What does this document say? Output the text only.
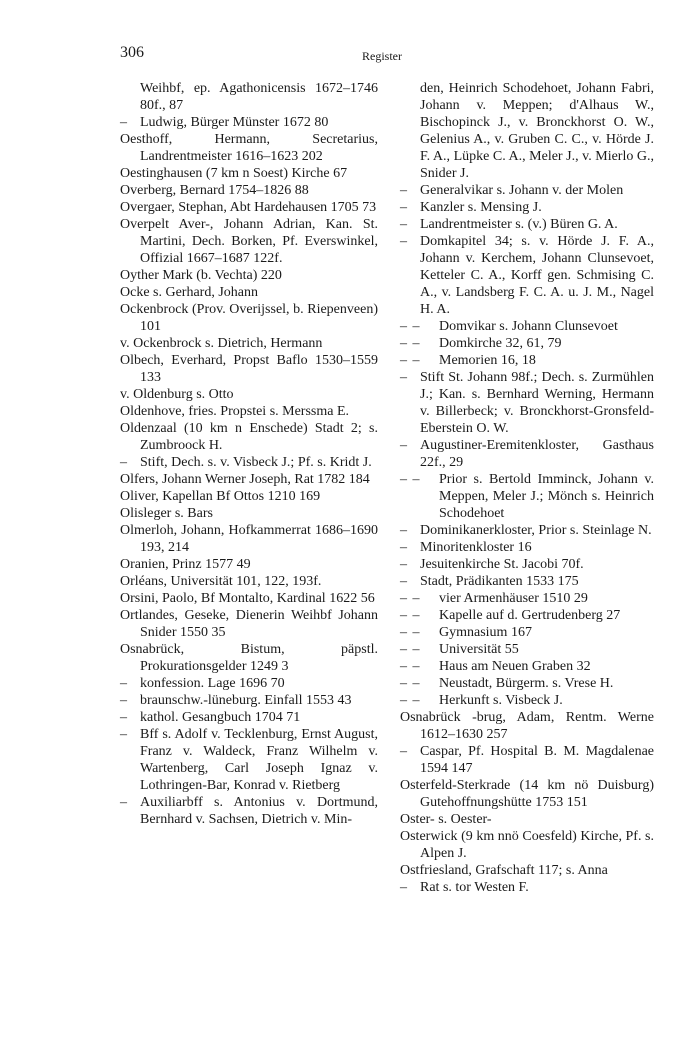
306	Register
Weihbf, ep. Agathonicensis 1672–1746 80f., 87
– Ludwig, Bürger Münster 1672 80
Oesthoff, Hermann, Secretarius, Landrentmeister 1616–1623 202
Oestinghausen (7 km n Soest) Kirche 67
Overberg, Bernard 1754–1826 88
Overgaer, Stephan, Abt Hardehausen 1705 73
Overpelt Aver-, Johann Adrian, Kan. St. Martini, Dech. Borken, Pf. Everswinkel, Offizial 1667–1687 122f.
Oyther Mark (b. Vechta) 220
Ocke s. Gerhard, Johann
Ockenbrock (Prov. Overijssel, b. Riepenveen) 101
v. Ockenbrock s. Dietrich, Hermann
Olbech, Everhard, Propst Baflo 1530–1559 133
v. Oldenburg s. Otto
Oldenhove, fries. Propstei s. Merssma E.
Oldenzaal (10 km n Enschede) Stadt 2; s. Zumbroock H.
– Stift, Dech. s. v. Visbeck J.; Pf. s. Kridt J.
Olfers, Johann Werner Joseph, Rat 1782 184
Oliver, Kapellan Bf Ottos 1210 169
Olisleger s. Bars
Olmerloh, Johann, Hofkammerrat 1686–1690 193, 214
Oranien, Prinz 1577 49
Orléans, Universität 101, 122, 193f.
Orsini, Paolo, Bf Montalto, Kardinal 1622 56
Ortlandes, Geseke, Dienerin Weihbf Johann Snider 1550 35
Osnabrück, Bistum, päpstl. Prokurationsgelder 1249 3
– konfession. Lage 1696 70
– braunschw.-lüneburg. Einfall 1553 43
– kathol. Gesangbuch 1704 71
– Bff s. Adolf v. Tecklenburg, Ernst August, Franz v. Waldeck, Franz Wilhelm v. Wartenberg, Carl Joseph Ignaz v. Lothringen-Bar, Konrad v. Rietberg
– Auxiliarbff s. Antonius v. Dortmund, Bernhard v. Sachsen, Dietrich v. Min-
den, Heinrich Schodehoet, Johann Fabri, Johann v. Meppen; d'Alhaus W., Bischopinck J., v. Bronckhorst O. W., Gelenius A., v. Gruben C. C., v. Hörde J. F. A., Lüpke C. A., Meler J., v. Mierlo G., Snider J.
– Generalvikar s. Johann v. der Molen
– Kanzler s. Mensing J.
– Landrentmeister s. (v.) Büren G. A.
– Domkapitel 34; s. v. Hörde J. F. A., Johann v. Kerchem, Johann Clunsevoet, Ketteler C. A., Korff gen. Schmising C. A., v. Landsberg F. C. A. u. J. M., Nagel H. A.
– – Domvikar s. Johann Clunsevoet
– – Domkirche 32, 61, 79
– – Memorien 16, 18
– Stift St. Johann 98f.; Dech. s. Zurmühlen J.; Kan. s. Bernhard Werning, Hermann v. Billerbeck; v. Bronckhorst-Gronsfeld-Eberstein O. W.
– Augustiner-Eremitenkloster, Gasthaus 22f., 29
– – Prior s. Bertold Imminck, Johann v. Meppen, Meler J.; Mönch s. Heinrich Schodehoet
– Dominikanerkloster, Prior s. Steinlage N.
– Minoritenkloster 16
– Jesuitenkirche St. Jacobi 70f.
– Stadt, Prädikanten 1533 175
– – vier Armenhäuser 1510 29
– – Kapelle auf d. Gertrudenberg 27
– – Gymnasium 167
– – Universität 55
– – Haus am Neuen Graben 32
– – Neustadt, Bürgerm. s. Vrese H.
– – Herkunft s. Visbeck J.
Osnabrück -brug, Adam, Rentm. Werne 1612–1630 257
– Caspar, Pf. Hospital B. M. Magdalenae 1594 147
Osterfeld-Sterkrade (14 km nö Duisburg) Gutehoffnungshütte 1753 151
Oster- s. Oester-
Osterwick (9 km nnö Coesfeld) Kirche, Pf. s. Alpen J.
Ostfriesland, Grafschaft 117; s. Anna
– Rat s. tor Westen F.
